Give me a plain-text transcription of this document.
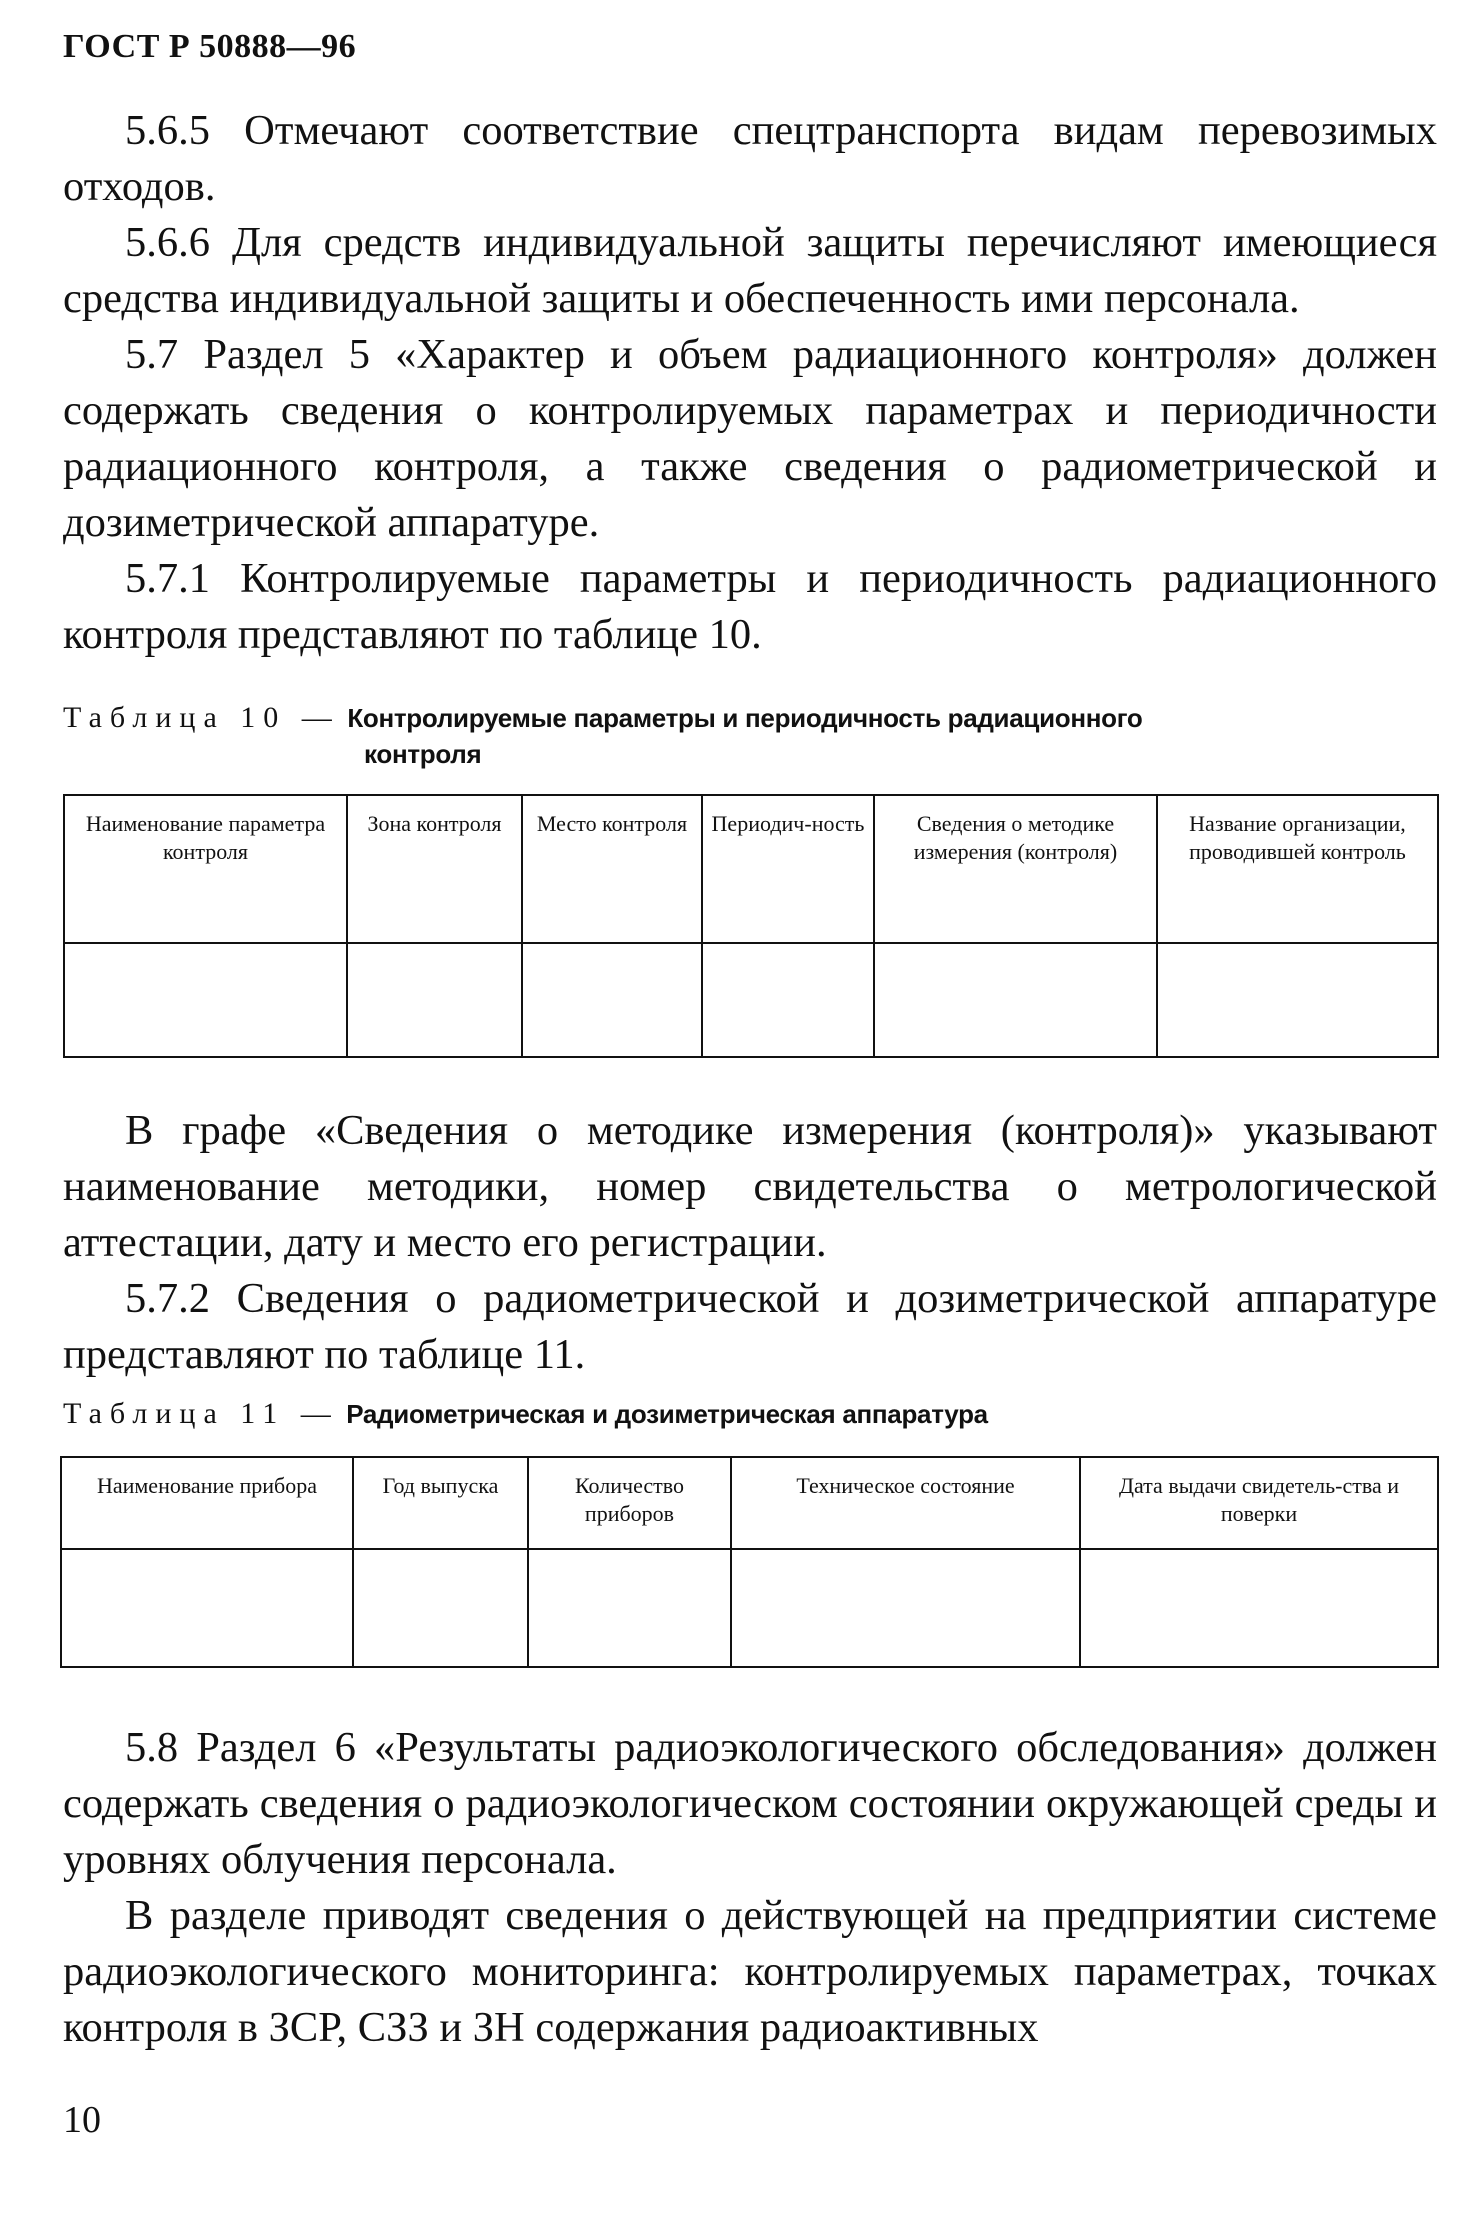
ГОСТ Р 50888—96

5.6.5 Отмечают соответствие спецтранспорта видам перевозимых отходов.

5.6.6 Для средств индивидуальной защиты перечисляют имеющиеся средства индивидуальной защиты и обеспеченность ими персонала.

5.7 Раздел 5 «Характер и объем радиационного контроля» должен содержать сведения о контролируемых параметрах и периодичности радиационного контроля, а также сведения о радиометрической и дозиметрической аппаратуре.

5.7.1 Контролируемые параметры и периодичность радиационного контроля представляют по таблице 10.

Таблица 10 — Контролируемые параметры и периодичность радиационного
контроля
Наименование параметра контроля	Зона контроля	Место контроля	Периодич-ность	Сведения о методике измерения (контроля)	Название организации, проводившей контроль

В графе «Сведения о методике измерения (контроля)» указывают наименование методики, номер свидетельства о метрологической аттестации, дату и место его регистрации.

5.7.2 Сведения о радиометрической и дозиметрической аппаратуре представляют по таблице 11.

Таблица 11 — Радиометрическая и дозиметрическая аппаратура
Наименование прибора	Год выпуска	Количество приборов	Техническое состояние	Дата выдачи свидетель-ства и поверки

5.8 Раздел 6 «Результаты радиоэкологического обследования» должен содержать сведения о радиоэкологическом состоянии окружающей среды и уровнях облучения персонала.

В разделе приводят сведения о действующей на предприятии системе радиоэкологического мониторинга: контролируемых параметрах, точках контроля в ЗСР, СЗЗ и ЗН содержания радиоактивных

10
